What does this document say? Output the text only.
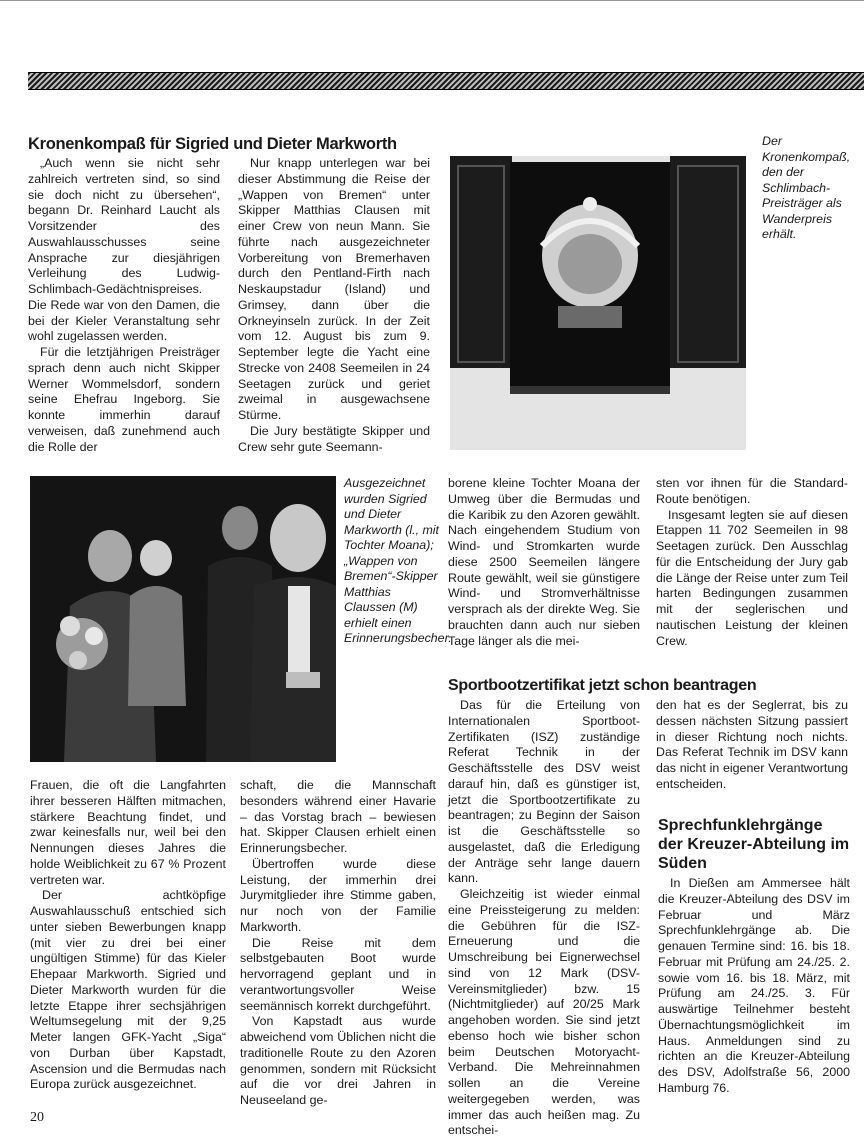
Kronenkompaß für Sigried und Dieter Markworth

„Auch wenn sie nicht sehr zahlreich vertreten sind, so sind sie doch nicht zu übersehen“, begann Dr. Reinhard Laucht als Vorsitzender des Auswahlausschusses seine Ansprache zur diesjährigen Verleihung des Ludwig-Schlimbach-Gedächtnispreises. Die Rede war von den Damen, die bei der Kieler Veranstaltung sehr wohl zugelassen werden.

Für die letztjährigen Preisträger sprach denn auch nicht Skipper Werner Wommelsdorf, sondern seine Ehefrau Ingeborg. Sie konnte immerhin darauf verweisen, daß zunehmend auch die Rolle der

Nur knapp unterlegen war bei dieser Abstimmung die Reise der „Wappen von Bremen“ unter Skipper Matthias Clausen mit einer Crew von neun Mann. Sie führte nach ausgezeichneter Vorbereitung von Bremerhaven durch den Pentland-Firth nach Neskaupstadur (Island) und Grimsey, dann über die Orkneyinseln zurück. In der Zeit vom 12. August bis zum 9. September legte die Yacht eine Strecke von 2408 Seemeilen in 24 Seetagen zurück und geriet zweimal in ausgewachsene Stürme.

Die Jury bestätigte Skipper und Crew sehr gute Seemann-

Der Kronenkompaß, den der Schlimbach-Preisträger als Wanderpreis erhält.
Ausgezeichnet wurden Sigried und Dieter Markworth (l., mit Tochter Moana); „Wappen von Bremen“-Skipper Matthias Claussen (M) erhielt einen Erinnerungsbecher.

borene kleine Tochter Moana der Umweg über die Bermudas und die Karibik zu den Azoren gewählt. Nach eingehendem Studium von Wind- und Stromkarten wurde diese 2500 Seemeilen längere Route gewählt, weil sie günstigere Wind- und Stromverhältnisse versprach als der direkte Weg. Sie brauchten dann auch nur sieben Tage länger als die mei-

sten vor ihnen für die Standard-Route benötigen.

Insgesamt legten sie auf diesen Etappen 11 702 Seemeilen in 98 Seetagen zurück. Den Ausschlag für die Entscheidung der Jury gab die Länge der Reise unter zum Teil harten Bedingungen zusammen mit der seglerischen und nautischen Leistung der kleinen Crew.

Frauen, die oft die Langfahrten ihrer besseren Hälften mitmachen, stärkere Beachtung findet, und zwar keinesfalls nur, weil bei den Nennungen dieses Jahres die holde Weiblichkeit zu 67 % Prozent vertreten war.

Der achtköpfige Auswahlausschuß entschied sich unter sieben Bewerbungen knapp (mit vier zu drei bei einer ungültigen Stimme) für das Kieler Ehepaar Markworth. Sigried und Dieter Markworth wurden für die letzte Etappe ihrer sechsjährigen Weltumsegelung mit der 9,25 Meter langen GFK-Yacht „Siga“ von Durban über Kapstadt, Ascension und die Bermudas nach Europa zurück ausgezeichnet.

schaft, die die Mannschaft besonders während einer Havarie – das Vorstag brach – bewiesen hat. Skipper Clausen erhielt einen Erinnerungsbecher.

Übertroffen wurde diese Leistung, der immerhin drei Jurymitglieder ihre Stimme gaben, nur noch von der Familie Markworth.

Die Reise mit dem selbstgebauten Boot wurde hervorragend geplant und in verantwortungsvoller Weise seemännisch korrekt durchgeführt.

Von Kapstadt aus wurde abweichend vom Üblichen nicht die traditionelle Route zu den Azoren genommen, sondern mit Rücksicht auf die vor drei Jahren in Neuseeland ge-

Sportbootzertifikat jetzt schon beantragen

Das für die Erteilung von Internationalen Sportboot-Zertifikaten (ISZ) zuständige Referat Technik in der Geschäftsstelle des DSV weist darauf hin, daß es günstiger ist, jetzt die Sportbootzertifikate zu beantragen; zu Beginn der Saison ist die Geschäftsstelle so ausgelastet, daß die Erledigung der Anträge sehr lange dauern kann.

Gleichzeitig ist wieder einmal eine Preissteigerung zu melden: die Gebühren für die ISZ-Erneuerung und die Umschreibung bei Eignerwechsel sind von 12 Mark (DSV-Vereinsmitglieder) bzw. 15 (Nichtmitglieder) auf 20/25 Mark angehoben worden. Sie sind jetzt ebenso hoch wie bisher schon beim Deutschen Motoryacht-Verband. Die Mehreinnahmen sollen an die Vereine weitergegeben werden, was immer das auch heißen mag. Zu entschei-

den hat es der Seglerrat, bis zu dessen nächsten Sitzung passiert in dieser Richtung noch nichts. Das Referat Technik im DSV kann das nicht in eigener Verantwortung entscheiden.

Sprechfunklehrgänge der Kreuzer-Abteilung im Süden

In Dießen am Ammersee hält die Kreuzer-Abteilung des DSV im Februar und März Sprechfunklehrgänge ab. Die genauen Termine sind: 16. bis 18. Februar mit Prüfung am 24./25. 2. sowie vom 16. bis 18. März, mit Prüfung am 24./25. 3. Für auswärtige Teilnehmer besteht Übernachtungsmöglichkeit im Haus. Anmeldungen sind zu richten an die Kreuzer-Abteilung des DSV, Adolfstraße 56, 2000 Hamburg 76.

20
